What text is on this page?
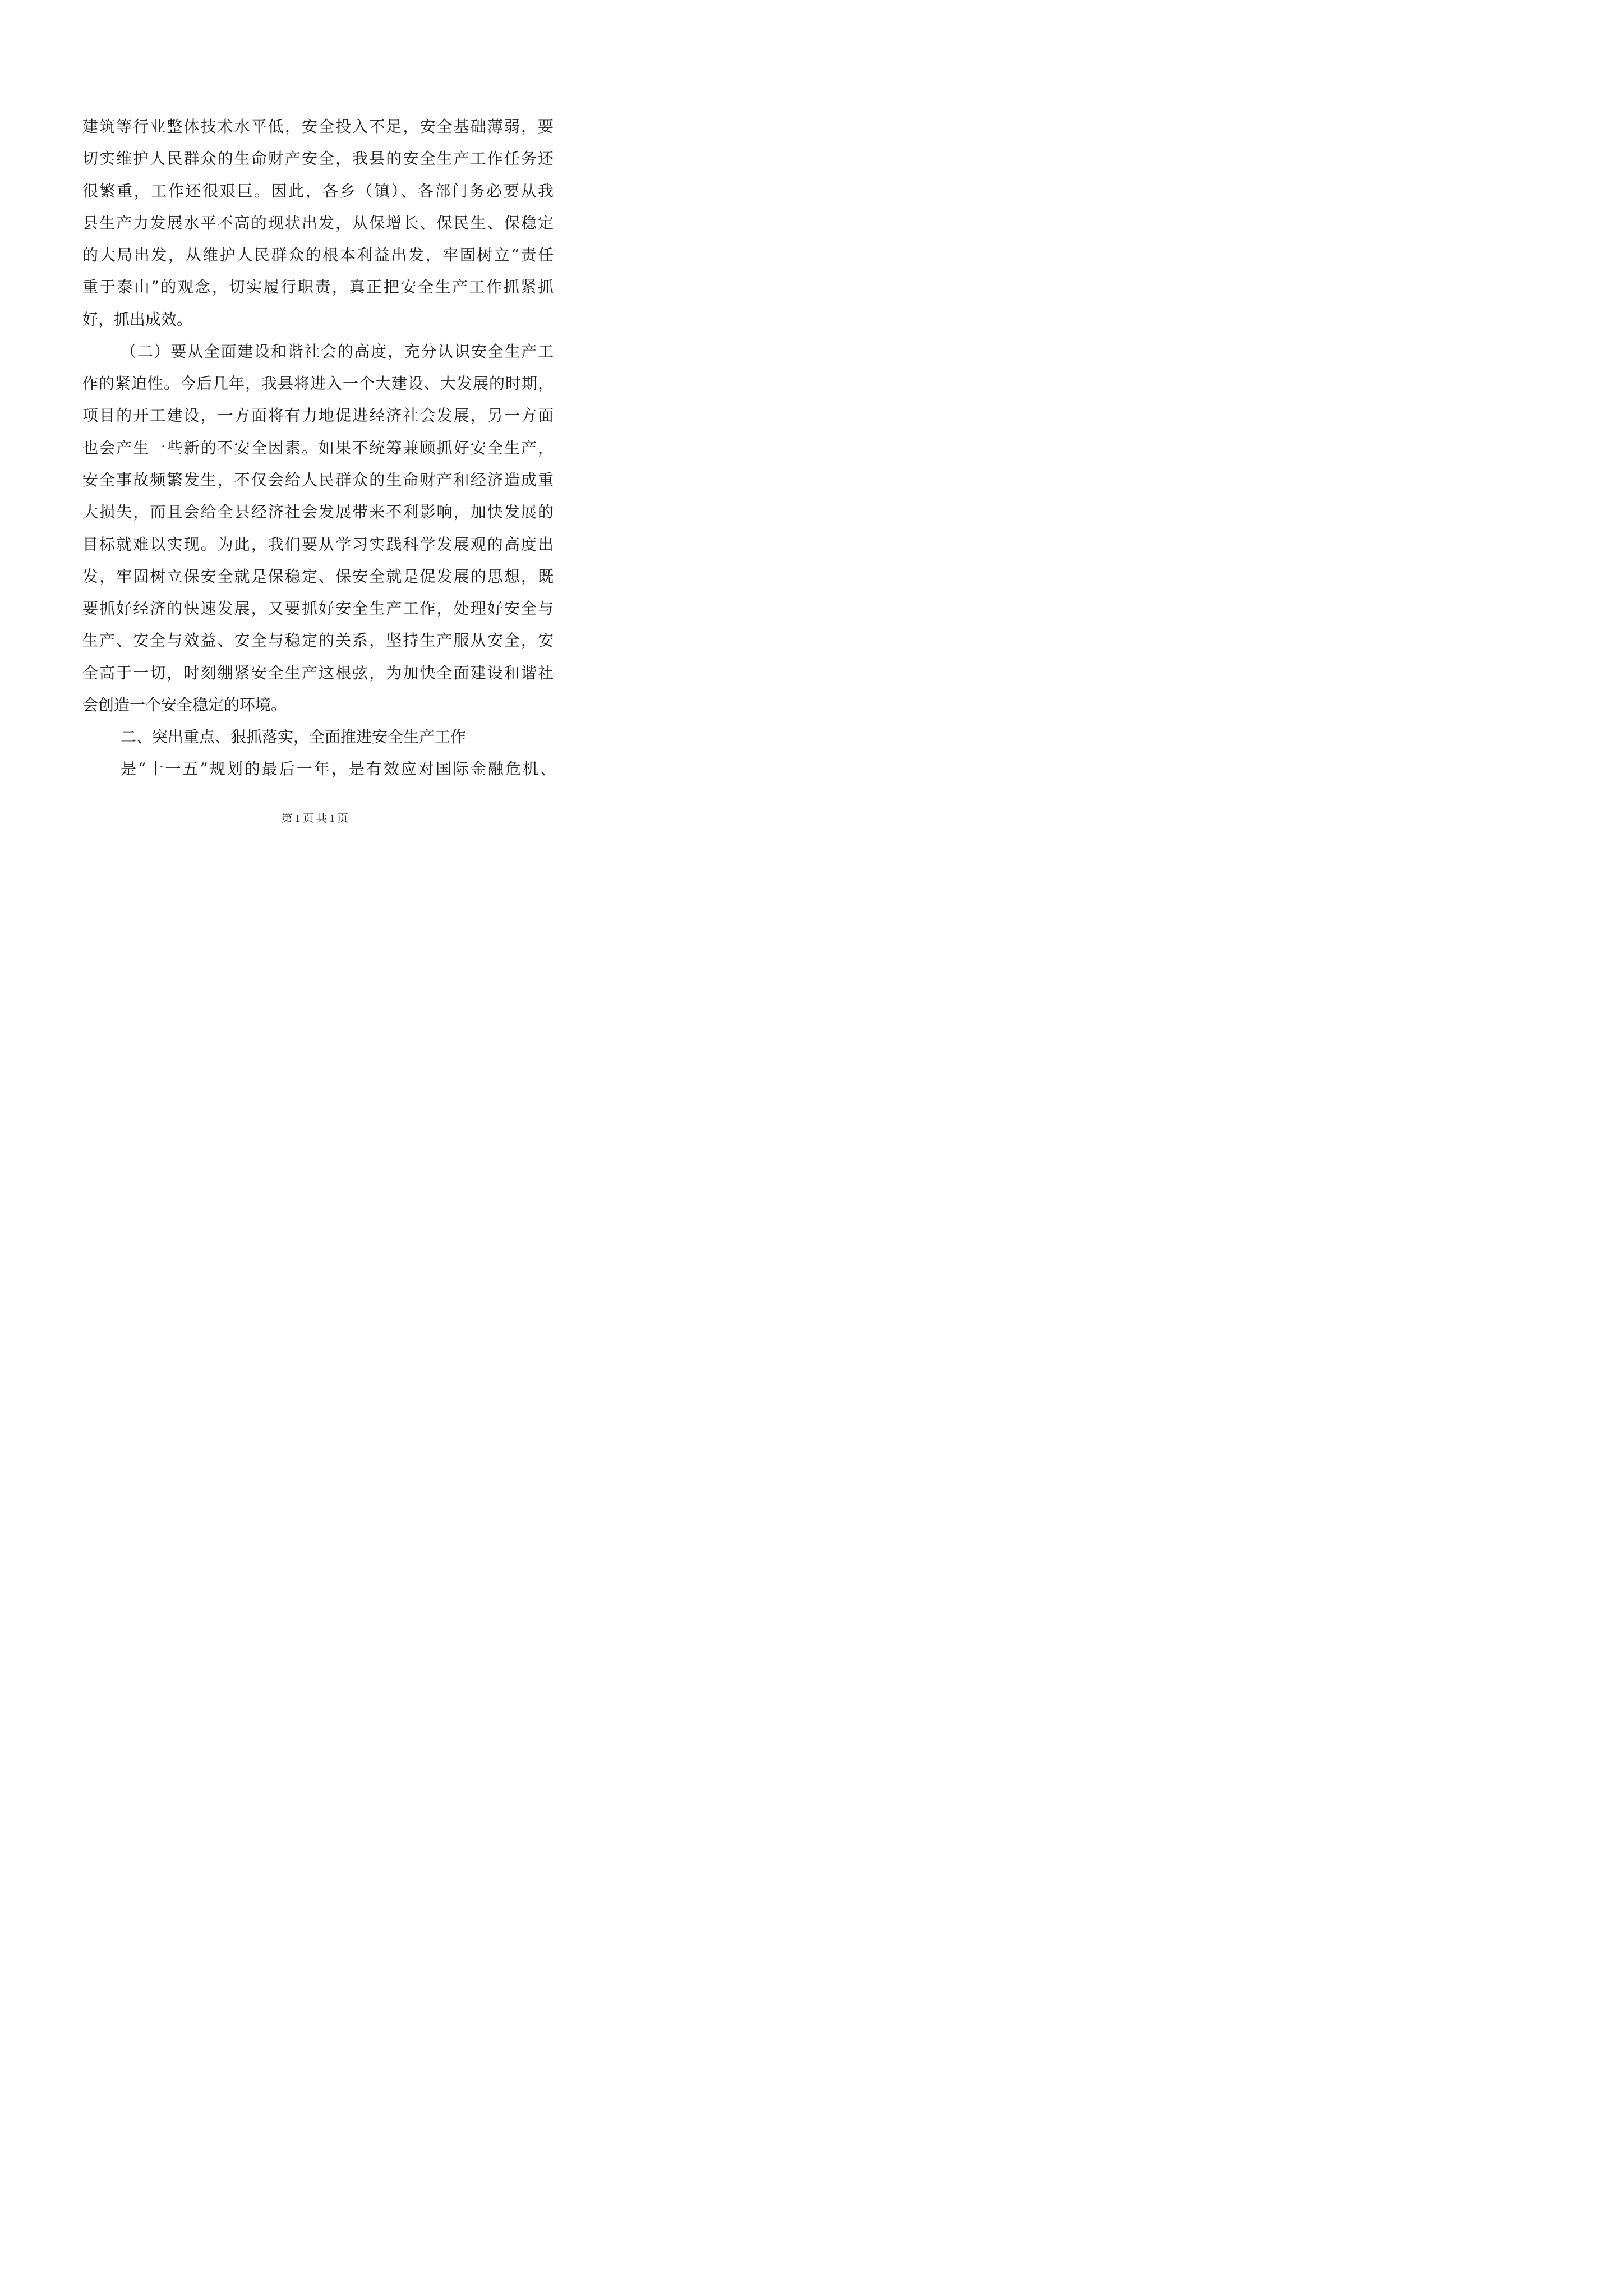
建筑等行业整体技术水平低，安全投入不足，安全基础薄弱，要
切实维护人民群众的生命财产安全，我县的安全生产工作任务还
很繁重，工作还很艰巨。因此，各乡（镇）、各部门务必要从我
县生产力发展水平不高的现状出发，从保增长、保民生、保稳定
的大局出发，从维护人民群众的根本利益出发，牢固树立“责任
重于泰山”的观念，切实履行职责，真正把安全生产工作抓紧抓
好，抓出成效。
（二）要从全面建设和谐社会的高度，充分认识安全生产工
作的紧迫性。今后几年，我县将进入一个大建设、大发展的时期，
项目的开工建设，一方面将有力地促进经济社会发展，另一方面
也会产生一些新的不安全因素。如果不统筹兼顾抓好安全生产，
安全事故频繁发生，不仅会给人民群众的生命财产和经济造成重
大损失，而且会给全县经济社会发展带来不利影响，加快发展的
目标就难以实现。为此，我们要从学习实践科学发展观的高度出
发，牢固树立保安全就是保稳定、保安全就是促发展的思想，既
要抓好经济的快速发展，又要抓好安全生产工作，处理好安全与
生产、安全与效益、安全与稳定的关系，坚持生产服从安全，安
全高于一切，时刻绷紧安全生产这根弦，为加快全面建设和谐社
会创造一个安全稳定的环境。
二、突出重点、狠抓落实，全面推进安全生产工作
是“十一五”规划的最后一年，是有效应对国际金融危机、
第 1 页 共 1 页
